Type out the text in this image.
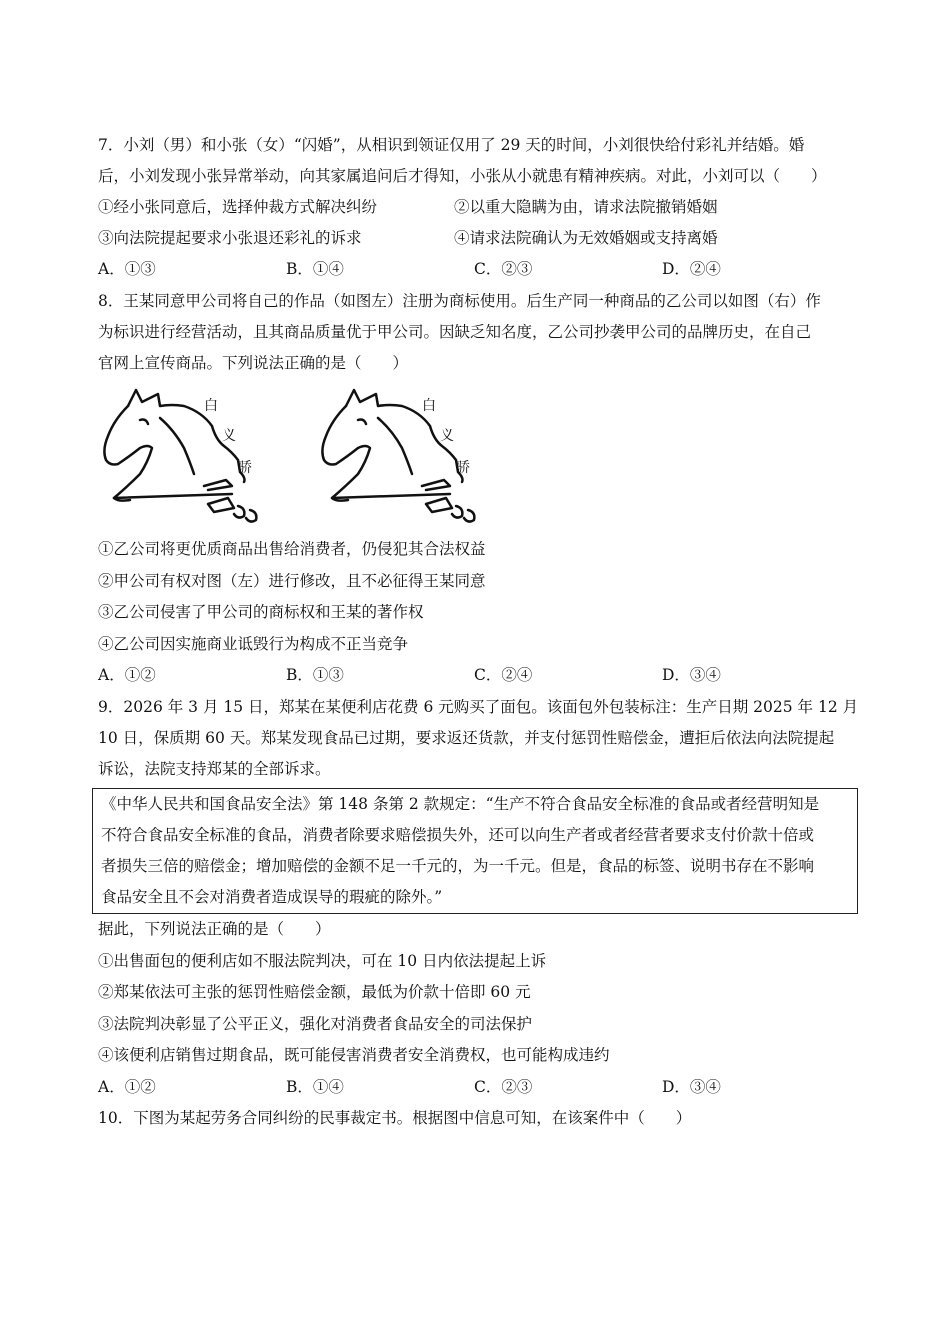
7．小刘（男）和小张（女）“闪婚”，从相识到领证仅用了 29 天的时间，小刘很快给付彩礼并结婚。婚
后，小刘发现小张异常举动，向其家属追问后才得知，小张从小就患有精神疾病。对此，小刘可以（　　）
①经小张同意后，选择仲裁方式解决纠纷	②以重大隐瞒为由，请求法院撤销婚姻
③向法院提起要求小张退还彩礼的诉求	④请求法院确认为无效婚姻或支持离婚
A．①③	B．①④	C．②③	D．②④
8．王某同意甲公司将自己的作品（如图左）注册为商标使用。后生产同一种商品的乙公司以如图（右）作
为标识进行经营活动，且其商品质量优于甲公司。因缺乏知名度，乙公司抄袭甲公司的品牌历史，在自己
官网上宣传商品。下列说法正确的是（　　）
白
义
骄
白
义
骄
①乙公司将更优质商品出售给消费者，仍侵犯其合法权益
②甲公司有权对图（左）进行修改，且不必征得王某同意
③乙公司侵害了甲公司的商标权和王某的著作权
④乙公司因实施商业诋毁行为构成不正当竞争
A．①②	B．①③	C．②④	D．③④
9．2026 年 3 月 15 日，郑某在某便利店花费 6 元购买了面包。该面包外包装标注：生产日期 2025 年 12 月
10 日，保质期 60 天。郑某发现食品已过期，要求返还货款，并支付惩罚性赔偿金，遭拒后依法向法院提起
诉讼，法院支持郑某的全部诉求。
《中华人民共和国食品安全法》第 148 条第 2 款规定：“生产不符合食品安全标准的食品或者经营明知是
不符合食品安全标准的食品，消费者除要求赔偿损失外，还可以向生产者或者经营者要求支付价款十倍或
者损失三倍的赔偿金；增加赔偿的金额不足一千元的，为一千元。但是，食品的标签、说明书存在不影响
食品安全且不会对消费者造成误导的瑕疵的除外。”
据此，下列说法正确的是（　　）
①出售面包的便利店如不服法院判决，可在 10 日内依法提起上诉
②郑某依法可主张的惩罚性赔偿金额，最低为价款十倍即 60 元
③法院判决彰显了公平正义，强化对消费者食品安全的司法保护
④该便利店销售过期食品，既可能侵害消费者安全消费权，也可能构成违约
A．①②	B．①④	C．②③	D．③④
10．下图为某起劳务合同纠纷的民事裁定书。根据图中信息可知，在该案件中（　　）
